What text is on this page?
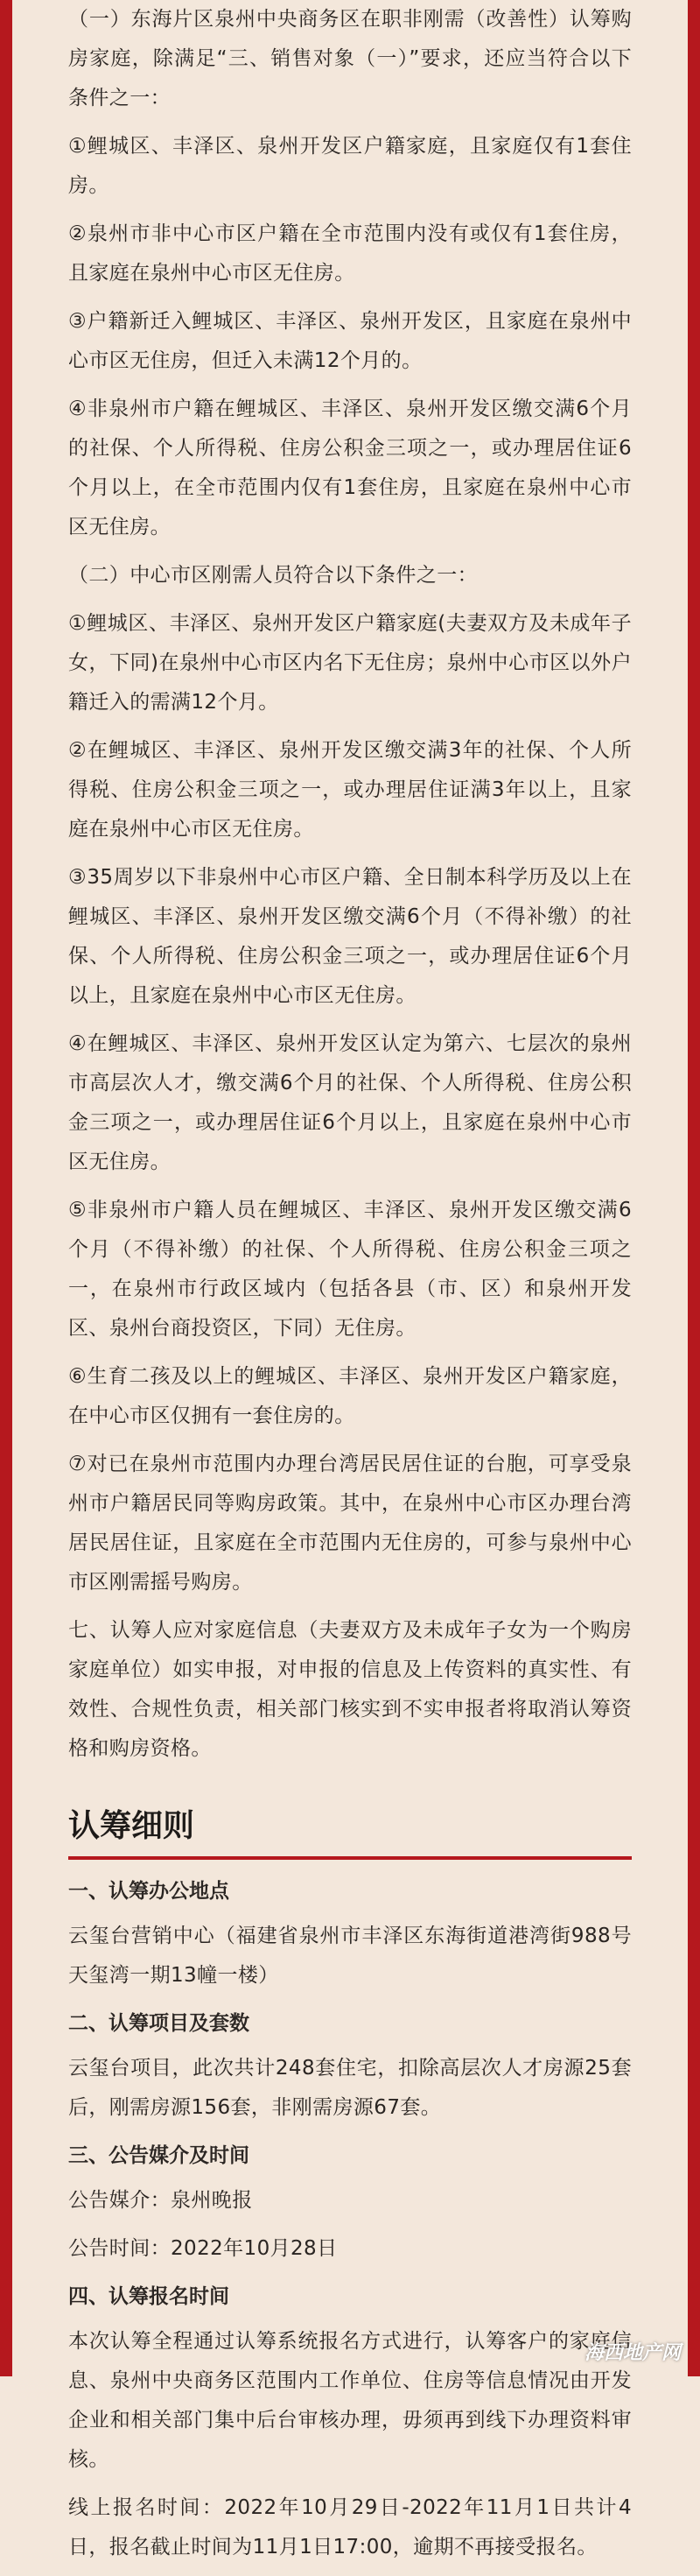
（一）东海片区泉州中央商务区在职非刚需（改善性）认筹购房家庭，除满足“三、销售对象（一）”要求，还应当符合以下条件之一：

①鲤城区、丰泽区、泉州开发区户籍家庭，且家庭仅有1套住房。

②泉州市非中心市区户籍在全市范围内没有或仅有1套住房，且家庭在泉州中心市区无住房。

③户籍新迁入鲤城区、丰泽区、泉州开发区，且家庭在泉州中心市区无住房，但迁入未满12个月的。

④非泉州市户籍在鲤城区、丰泽区、泉州开发区缴交满6个月的社保、个人所得税、住房公积金三项之一，或办理居住证6个月以上，在全市范围内仅有1套住房，且家庭在泉州中心市区无住房。

（二）中心市区刚需人员符合以下条件之一：

①鲤城区、丰泽区、泉州开发区户籍家庭(夫妻双方及未成年子女，下同)在泉州中心市区内名下无住房；泉州中心市区以外户籍迁入的需满12个月。

②在鲤城区、丰泽区、泉州开发区缴交满3年的社保、个人所得税、住房公积金三项之一，或办理居住证满3年以上，且家庭在泉州中心市区无住房。

③35周岁以下非泉州中心市区户籍、全日制本科学历及以上在鲤城区、丰泽区、泉州开发区缴交满6个月（不得补缴）的社保、个人所得税、住房公积金三项之一，或办理居住证6个月以上，且家庭在泉州中心市区无住房。

④在鲤城区、丰泽区、泉州开发区认定为第六、七层次的泉州市高层次人才，缴交满6个月的社保、个人所得税、住房公积金三项之一，或办理居住证6个月以上，且家庭在泉州中心市区无住房。

⑤非泉州市户籍人员在鲤城区、丰泽区、泉州开发区缴交满6个月（不得补缴）的社保、个人所得税、住房公积金三项之一，在泉州市行政区域内（包括各县（市、区）和泉州开发区、泉州台商投资区，下同）无住房。

⑥生育二孩及以上的鲤城区、丰泽区、泉州开发区户籍家庭，在中心市区仅拥有一套住房的。

⑦对已在泉州市范围内办理台湾居民居住证的台胞，可享受泉州市户籍居民同等购房政策。其中，在泉州中心市区办理台湾居民居住证，且家庭在全市范围内无住房的，可参与泉州中心市区刚需摇号购房。

七、认筹人应对家庭信息（夫妻双方及未成年子女为一个购房家庭单位）如实申报，对申报的信息及上传资料的真实性、有效性、合规性负责，相关部门核实到不实申报者将取消认筹资格和购房资格。

认筹细则
一、认筹办公地点

云玺台营销中心（福建省泉州市丰泽区东海街道港湾街988号天玺湾一期13幢一楼）

二、认筹项目及套数

云玺台项目，此次共计248套住宅，扣除高层次人才房源25套后，刚需房源156套，非刚需房源67套。

三、公告媒介及时间

公告媒介：泉州晚报

公告时间：2022年10月28日

四、认筹报名时间

本次认筹全程通过认筹系统报名方式进行，认筹客户的家庭信息、泉州中央商务区范围内工作单位、住房等信息情况由开发企业和相关部门集中后台审核办理，毋须再到线下办理资料审核。

线上报名时间：2022年10月29日-2022年11月1日共计4日，报名截止时间为11月1日17:00，逾期不再接受报名。

海西地产网
